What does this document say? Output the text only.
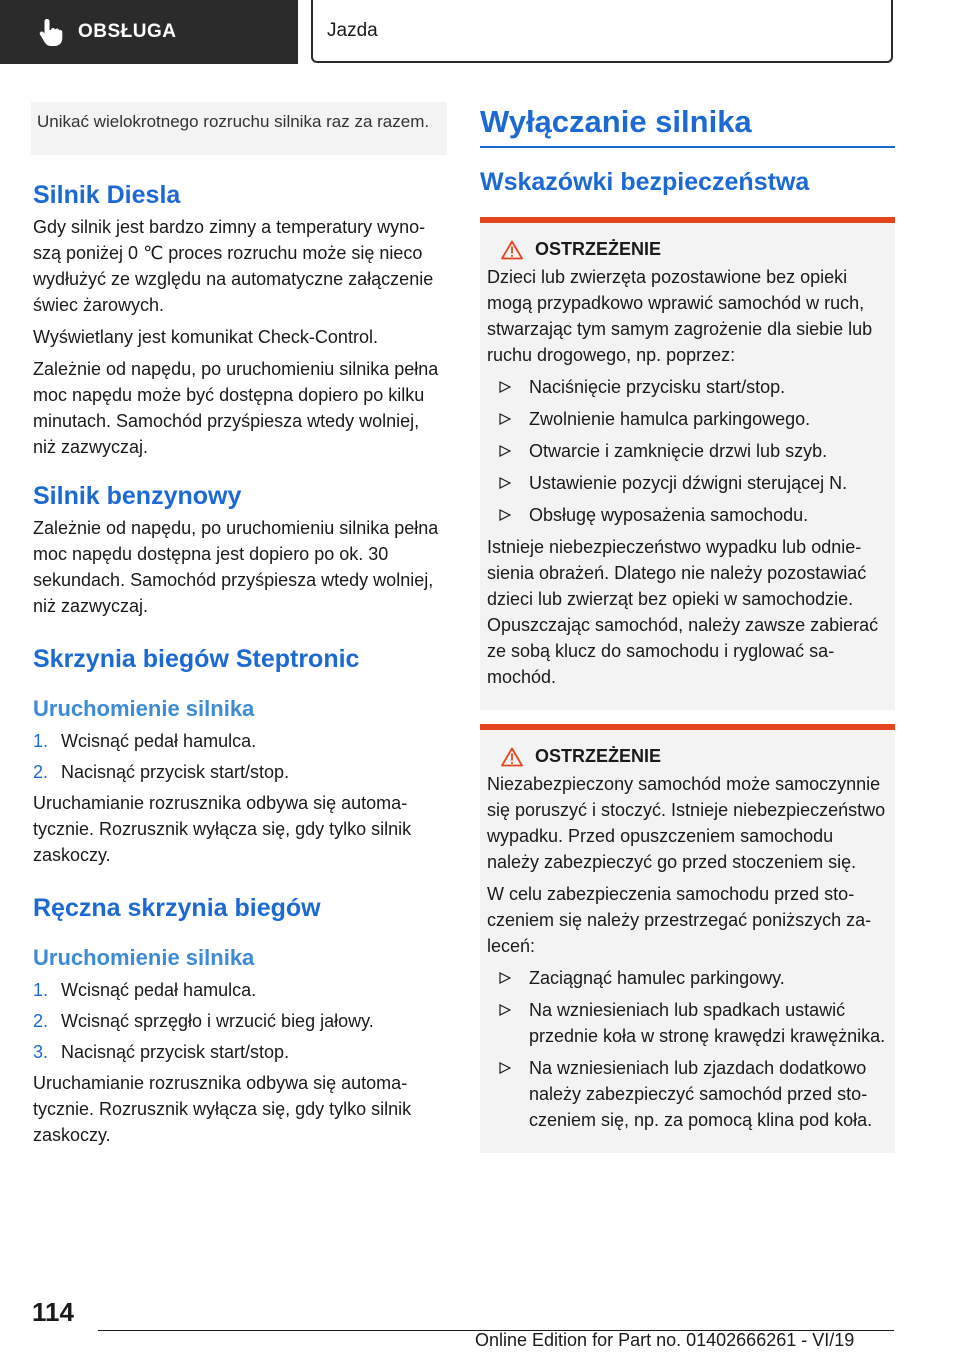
OBSŁUGA	Jazda
Unikać wielokrotnego rozruchu silnika raz za razem.
Silnik Diesla

Gdy silnik jest bardzo zimny a temperatury wynoszą poniżej 0 ℃ proces rozruchu może się nieco wydłużyć ze względu na automatyczne załączenie świec żarowych.

Wyświetlany jest komunikat Check-Control.

Zależnie od napędu, po uruchomieniu silnika pełna moc napędu może być dostępna dopiero po kilku minutach. Samochód przyśpiesza wtedy wolniej, niż zazwyczaj.

Silnik benzynowy

Zależnie od napędu, po uruchomieniu silnika pełna moc napędu dostępna jest dopiero po ok. 30 sekundach. Samochód przyśpiesza wtedy wolniej, niż zazwyczaj.

Skrzynia biegów Steptronic
Uruchomienie silnika
1. Wcisnąć pedał hamulca.
2. Nacisnąć przycisk start/stop.

Uruchamianie rozrusznika odbywa się automatycznie. Rozrusznik wyłącza się, gdy tylko silnik zaskoczy.

Ręczna skrzynia biegów
Uruchomienie silnika
1. Wcisnąć pedał hamulca.
2. Wcisnąć sprzęgło i wrzucić bieg jałowy.
3. Nacisnąć przycisk start/stop.

Uruchamianie rozrusznika odbywa się automatycznie. Rozrusznik wyłącza się, gdy tylko silnik zaskoczy.

Wyłączanie silnika
Wskazówki bezpieczeństwa
OSTRZEŻENIE

Dzieci lub zwierzęta pozostawione bez opieki mogą przypadkowo wprawić samochód w ruch, stwarzając tym samym zagrożenie dla siebie lub ruchu drogowego, np. poprzez:

Naciśnięcie przycisku start/stop.
Zwolnienie hamulca parkingowego.
Otwarcie i zamknięcie drzwi lub szyb.
Ustawienie pozycji dźwigni sterującej N.
Obsługę wyposażenia samochodu.

Istnieje niebezpieczeństwo wypadku lub odniesienia obrażeń. Dlatego nie należy pozostawiać dzieci lub zwierząt bez opieki w samochodzie. Opuszczając samochód, należy zawsze zabierać ze sobą klucz do samochodu i ryglować samochód.

OSTRZEŻENIE

Niezabezpieczony samochód może samoczynnie się poruszyć i stoczyć. Istnieje niebezpieczeństwo wypadku. Przed opuszczeniem samochodu należy zabezpieczyć go przed stoczeniem się.

W celu zabezpieczenia samochodu przed stoczeniem się należy przestrzegać poniższych zaleceń:

Zaciągnąć hamulec parkingowy.
Na wzniesieniach lub spadkach ustawić przednie koła w stronę krawędzi krawężnika.
Na wzniesieniach lub zjazdach dodatkowo należy zabezpieczyć samochód przed stoczeniem się, np. za pomocą klina pod koła.
114
Online Edition for Part no. 01402666261 - VI/19
